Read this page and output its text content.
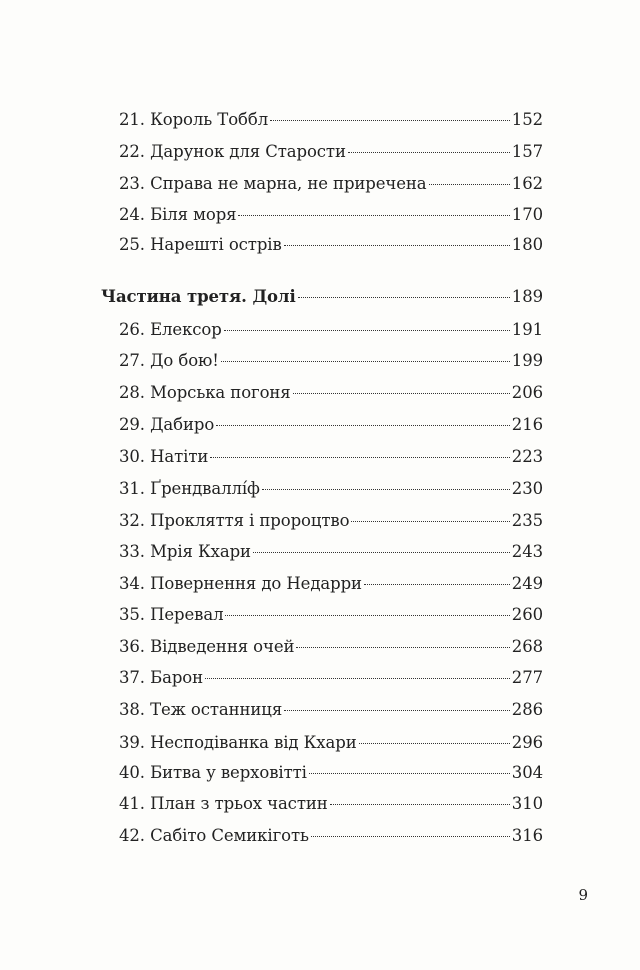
21. Король Тоббл	152
22. Дарунок для Старости	157
23. Справа не марна, не приречена	162
24. Біля моря	170
25. Нарешті острів	180
Частина третя. Долі	189
26. Елексор	191
27. До бою!	199
28. Морська погоня	206
29. Дабиро	216
30. Натіти	223
31. Ґрендваллíф	230
32. Прокляття і пророцтво	235
33. Мрія Кхари	243
34. Повернення до Недарри	249
35. Перевал	260
36. Відведення очей	268
37. Барон	277
38. Теж останниця	286
39. Несподіванка від Кхари	296
40. Битва у верховітті	304
41. План з трьох частин	310
42. Сабіто Семикіготь	316
9
